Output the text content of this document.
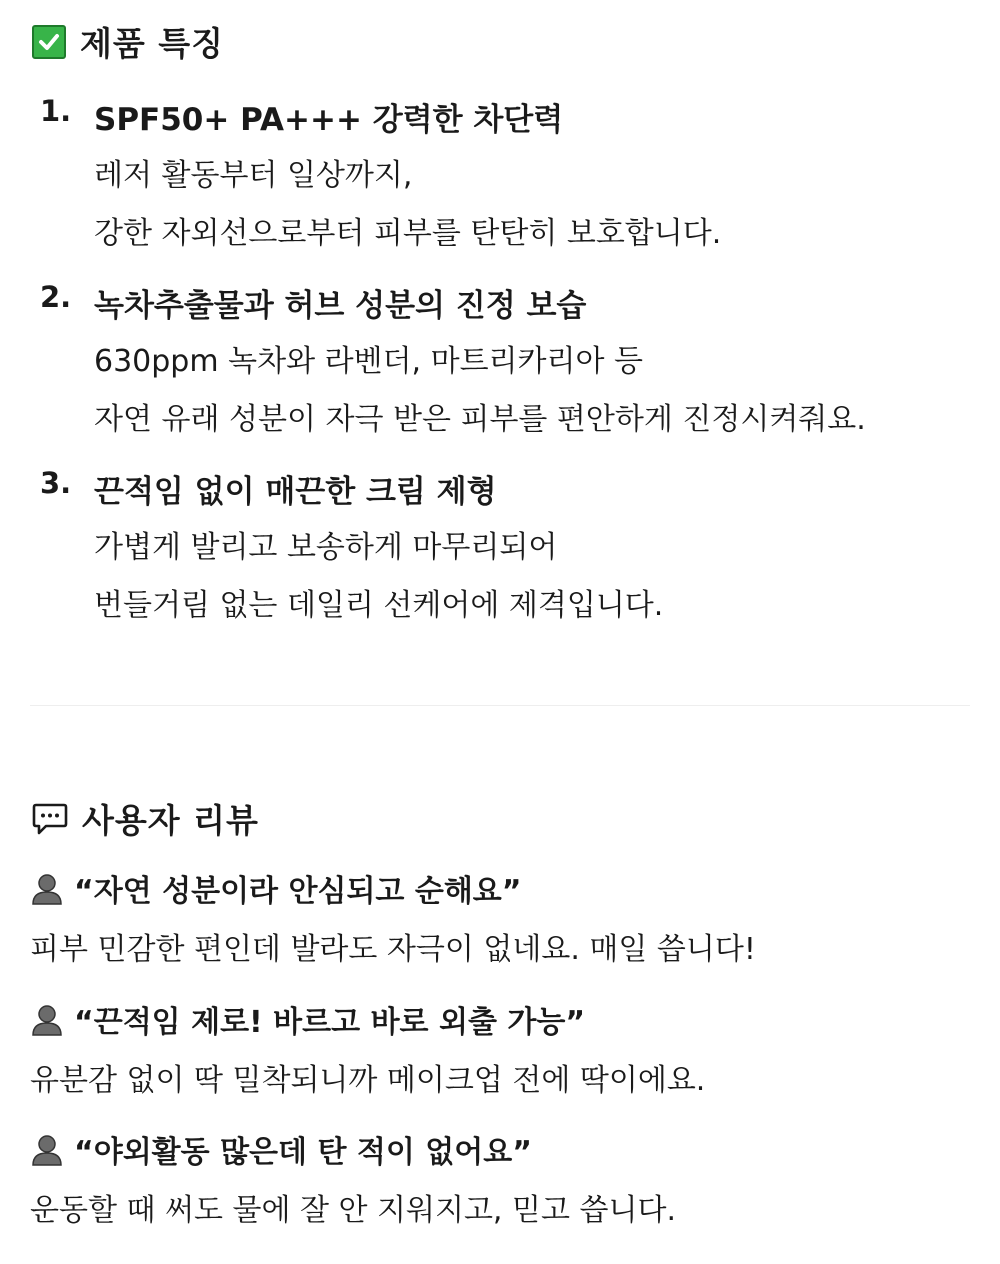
제품 특징
1. SPF50+ PA+++ 강력한 차단력
레저 활동부터 일상까지,
강한 자외선으로부터 피부를 탄탄히 보호합니다.
2. 녹차추출물과 허브 성분의 진정 보습
630ppm 녹차와 라벤더, 마트리카리아 등
자연 유래 성분이 자극 받은 피부를 편안하게 진정시켜줘요.
3. 끈적임 없이 매끈한 크림 제형
가볍게 발리고 보송하게 마무리되어
번들거림 없는 데일리 선케어에 제격입니다.
사용자 리뷰
“자연 성분이라 안심되고 순해요”
피부 민감한 편인데 발라도 자극이 없네요. 매일 씁니다!
“끈적임 제로! 바르고 바로 외출 가능”
유분감 없이 딱 밀착되니까 메이크업 전에 딱이에요.
“야외활동 많은데 탄 적이 없어요”
운동할 때 써도 물에 잘 안 지워지고, 믿고 씁니다.
